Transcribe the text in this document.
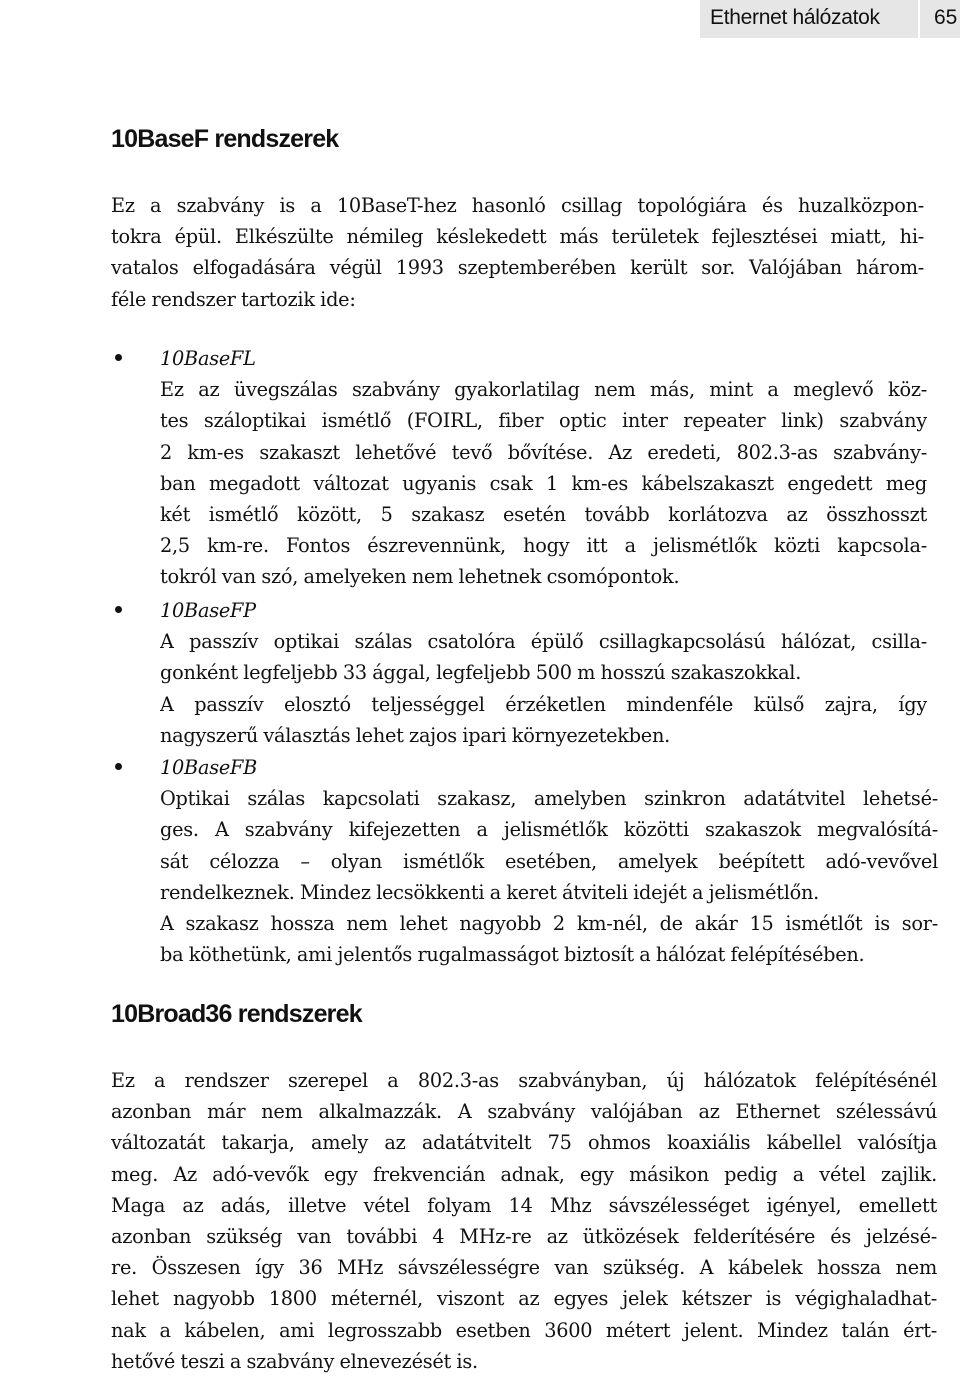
Ethernet hálózatok	65
10BaseF rendszerek
Ez a szabvány is a 10BaseT-hez hasonló csillag topológiára és huzalközpon-
tokra épül. Elkészülte némileg késlekedett más területek fejlesztései miatt, hi-
vatalos elfogadására végül 1993 szeptemberében került sor. Valójában három-
féle rendszer tartozik ide:
10BaseFL
Ez az üvegszálas szabvány gyakorlatilag nem más, mint a meglevő köz-
tes száloptikai ismétlő (FOIRL, fiber optic inter repeater link) szabvány
2 km-es szakaszt lehetővé tevő bővítése. Az eredeti, 802.3-as szabvány-
ban megadott változat ugyanis csak 1 km-es kábelszakaszt engedett meg
két ismétlő között, 5 szakasz esetén tovább korlátozva az összhosszt
2,5 km-re. Fontos észrevennünk, hogy itt a jelismétlők közti kapcsola-
tokról van szó, amelyeken nem lehetnek csomópontok.
10BaseFP
A passzív optikai szálas csatolóra épülő csillagkapcsolású hálózat, csilla-
gonként legfeljebb 33 ággal, legfeljebb 500 m hosszú szakaszokkal.
A passzív elosztó teljességgel érzéketlen mindenféle külső zajra, így
nagyszerű választás lehet zajos ipari környezetekben.
10BaseFB
Optikai szálas kapcsolati szakasz, amelyben szinkron adatátvitel lehetsé-
ges. A szabvány kifejezetten a jelismétlők közötti szakaszok megvalósítá-
sát célozza – olyan ismétlők esetében, amelyek beépített adó-vevővel
rendelkeznek. Mindez lecsökkenti a keret átviteli idejét a jelismétlőn.
A szakasz hossza nem lehet nagyobb 2 km-nél, de akár 15 ismétlőt is sor-
ba köthetünk, ami jelentős rugalmasságot biztosít a hálózat felépítésében.
10Broad36 rendszerek
Ez a rendszer szerepel a 802.3-as szabványban, új hálózatok felépítésénél
azonban már nem alkalmazzák. A szabvány valójában az Ethernet szélessávú
változatát takarja, amely az adatátvitelt 75 ohmos koaxiális kábellel valósítja
meg. Az adó-vevők egy frekvencián adnak, egy másikon pedig a vétel zajlik.
Maga az adás, illetve vétel folyam 14 Mhz sávszélességet igényel, emellett
azonban szükség van további 4 MHz-re az ütközések felderítésére és jelzésé-
re. Összesen így 36 MHz sávszélességre van szükség. A kábelek hossza nem
lehet nagyobb 1800 méternél, viszont az egyes jelek kétszer is végighaladhat-
nak a kábelen, ami legrosszabb esetben 3600 métert jelent. Mindez talán ért-
hetővé teszi a szabvány elnevezését is.
